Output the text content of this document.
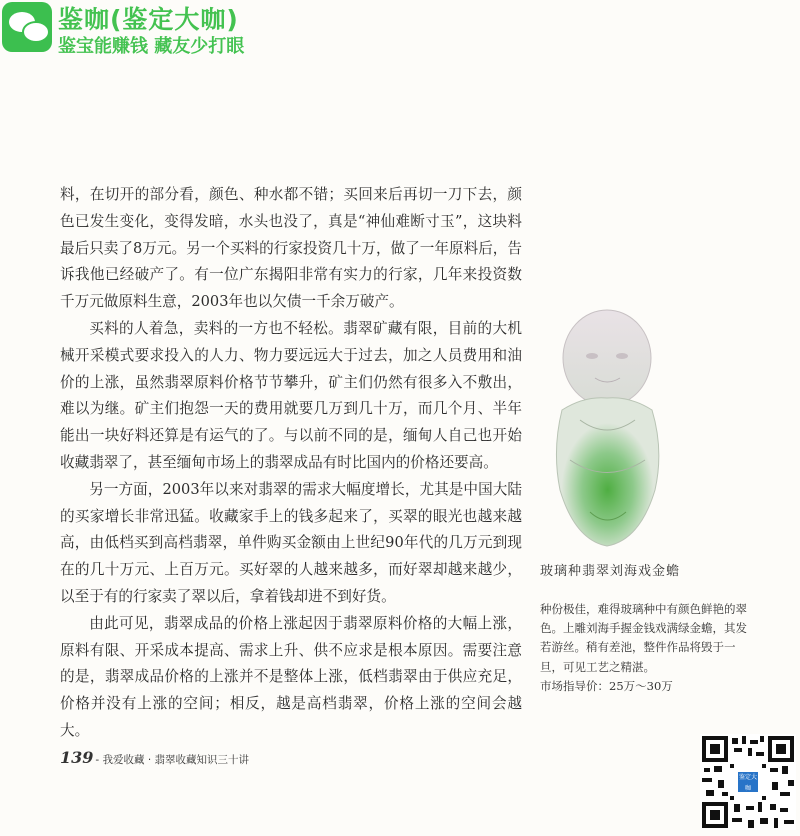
鉴咖(鉴定大咖)
鉴宝能赚钱 藏友少打眼

料，在切开的部分看，颜色、种水都不错；买回来后再切一刀下去，颜色已发生变化，变得发暗，水头也没了，真是“神仙难断寸玉”，这块料最后只卖了8万元。另一个买料的行家投资几十万，做了一年原料后，告诉我他已经破产了。有一位广东揭阳非常有实力的行家，几年来投资数千万元做原料生意，2003年也以欠债一千余万破产。

买料的人着急，卖料的一方也不轻松。翡翠矿藏有限，目前的大机械开采模式要求投入的人力、物力要远远大于过去，加之人员费用和油价的上涨，虽然翡翠原料价格节节攀升，矿主们仍然有很多入不敷出，难以为继。矿主们抱怨一天的费用就要几万到几十万，而几个月、半年能出一块好料还算是有运气的了。与以前不同的是，缅甸人自己也开始收藏翡翠了，甚至缅甸市场上的翡翠成品有时比国内的价格还要高。

另一方面，2003年以来对翡翠的需求大幅度增长，尤其是中国大陆的买家增长非常迅猛。收藏家手上的钱多起来了，买翠的眼光也越来越高，由低档买到高档翡翠，单件购买金额由上世纪90年代的几万元到现在的几十万元、上百万元。买好翠的人越来越多，而好翠却越来越少，以至于有的行家卖了翠以后，拿着钱却进不到好货。

由此可见，翡翠成品的价格上涨起因于翡翠原料价格的大幅上涨，原料有限、开采成本提高、需求上升、供不应求是根本原因。需要注意的是，翡翠成品价格的上涨并不是整体上涨，低档翡翠由于供应充足，价格并没有上涨的空间；相反，越是高档翡翠，价格上涨的空间会越大。

玻璃种翡翠刘海戏金蟾

种份极佳，难得玻璃种中有颜色鲜艳的翠色。上雕刘海手握金钱戏满绿金蟾，其发若游丝。稍有差池，整件作品将毁于一旦，可见工艺之精湛。

市场指导价：25万～30万

139 - 我爱收藏 · 翡翠收藏知识三十讲
鉴定大咖
